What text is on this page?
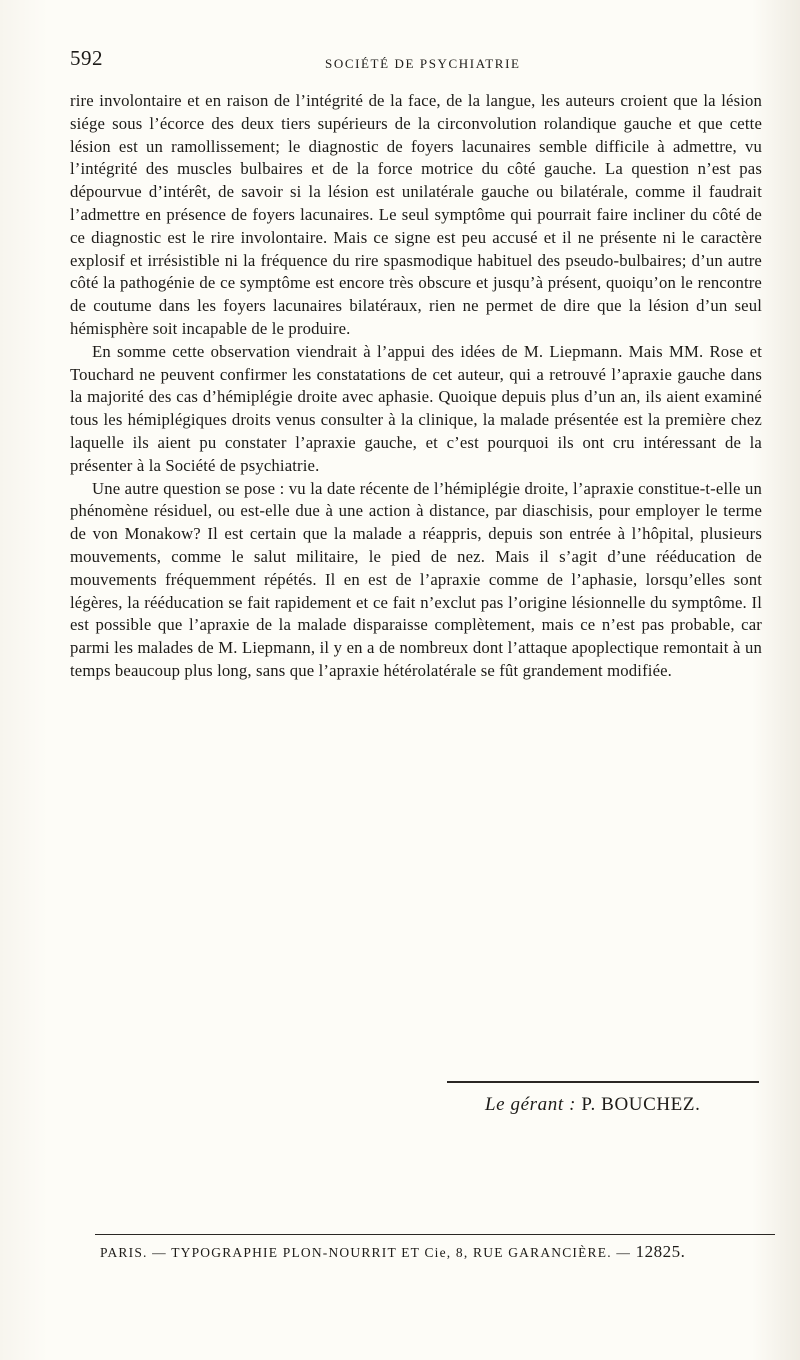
592	SOCIÉTÉ DE PSYCHIATRIE

rire involontaire et en raison de l’intégrité de la face, de la langue, les auteurs croient que la lésion siége sous l’écorce des deux tiers supérieurs de la circonvolution rolandique gauche et que cette lésion est un ramollissement; le diagnostic de foyers lacunaires semble difficile à admettre, vu l’intégrité des muscles bulbaires et de la force motrice du côté gauche. La question n’est pas dépourvue d’intérêt, de savoir si la lésion est unilatérale gauche ou bilatérale, comme il faudrait l’admettre en présence de foyers lacunaires. Le seul symptôme qui pourrait faire incliner du côté de ce diagnostic est le rire involontaire. Mais ce signe est peu accusé et il ne présente ni le caractère explosif et irrésistible ni la fréquence du rire spasmodique habituel des pseudo-bulbaires; d’un autre côté la pathogénie de ce symptôme est encore très obscure et jusqu’à présent, quoiqu’on le rencontre de coutume dans les foyers lacunaires bilatéraux, rien ne permet de dire que la lésion d’un seul hémisphère soit incapable de le produire.

En somme cette observation viendrait à l’appui des idées de M. Liepmann. Mais MM. Rose et Touchard ne peuvent confirmer les constatations de cet auteur, qui a retrouvé l’apraxie gauche dans la majorité des cas d’hémiplégie droite avec aphasie. Quoique depuis plus d’un an, ils aient examiné tous les hémiplégiques droits venus consulter à la clinique, la malade présentée est la première chez laquelle ils aient pu constater l’apraxie gauche, et c’est pourquoi ils ont cru intéressant de la présenter à la Société de psychiatrie.

Une autre question se pose : vu la date récente de l’hémiplégie droite, l’apraxie constitue-t-elle un phénomène résiduel, ou est-elle due à une action à distance, par diaschisis, pour employer le terme de von Monakow? Il est certain que la malade a réappris, depuis son entrée à l’hôpital, plusieurs mouvements, comme le salut militaire, le pied de nez. Mais il s’agit d’une rééducation de mouvements fréquemment répétés. Il en est de l’apraxie comme de l’aphasie, lorsqu’elles sont légères, la rééducation se fait rapidement et ce fait n’exclut pas l’origine lésionnelle du symptôme. Il est possible que l’apraxie de la malade disparaisse complètement, mais ce n’est pas probable, car parmi les malades de M. Liepmann, il y en a de nombreux dont l’attaque apoplectique remontait à un temps beaucoup plus long, sans que l’apraxie hétérolatérale se fût grandement modifiée.

Le gérant : P. BOUCHEZ.
PARIS. — TYPOGRAPHIE PLON-NOURRIT ET Cie, 8, RUE GARANCIÈRE. — 12825.
